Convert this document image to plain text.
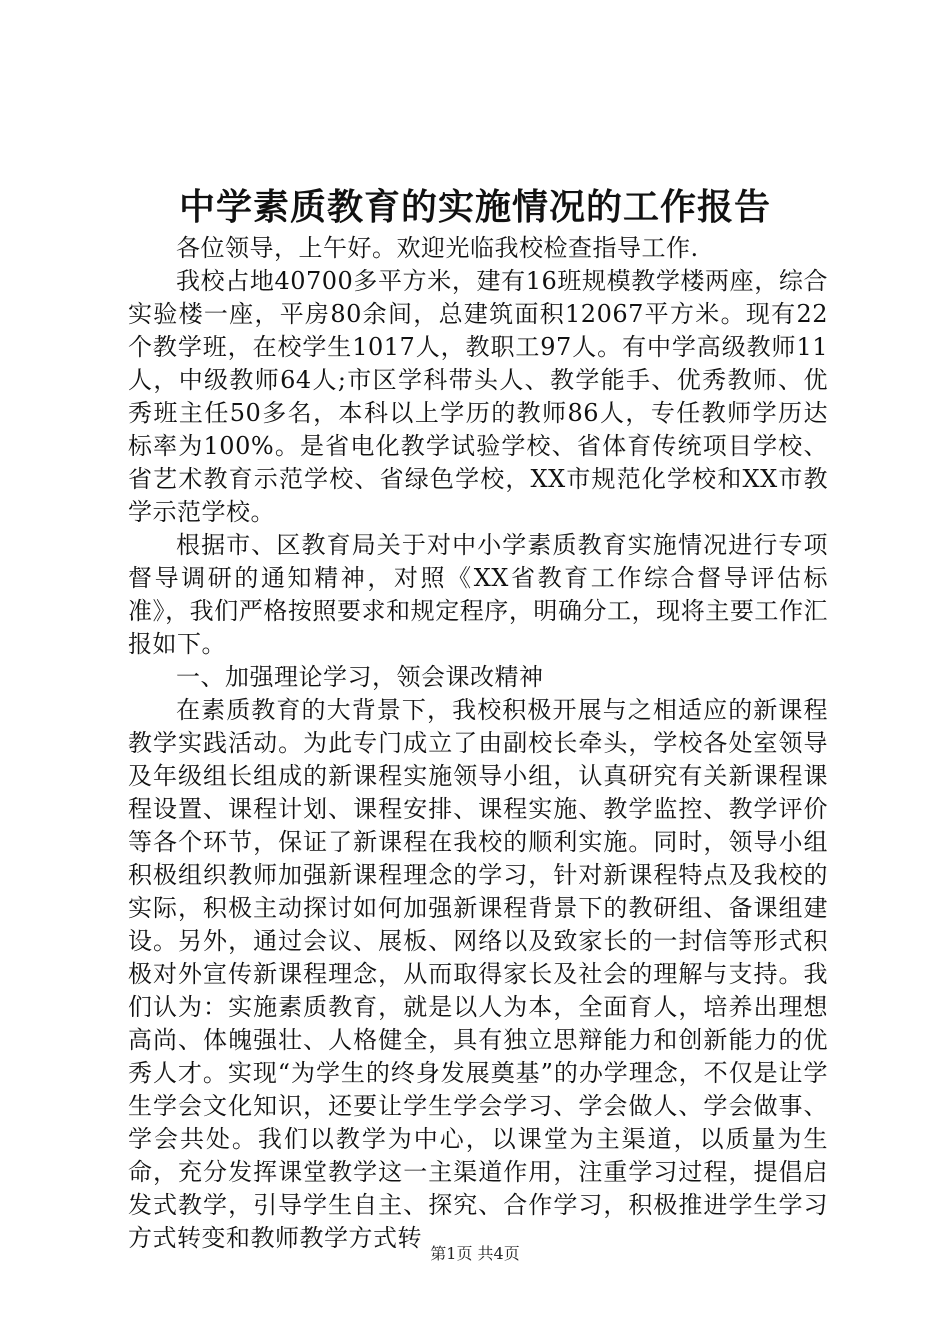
中学素质教育的实施情况的工作报告

各位领导，上午好。欢迎光临我校检查指导工作.

我校占地40700多平方米，建有16班规模教学楼两座，综合实验楼一座，平房80余间，总建筑面积12067平方米。现有22个教学班，在校学生1017人，教职工97人。有中学高级教师11人，中级教师64人;市区学科带头人、教学能手、优秀教师、优秀班主任50多名，本科以上学历的教师86人，专任教师学历达标率为100%。是省电化教学试验学校、省体育传统项目学校、省艺术教育示范学校、省绿色学校，XX市规范化学校和XX市教学示范学校。

根据市、区教育局关于对中小学素质教育实施情况进行专项督导调研的通知精神，对照《XX省教育工作综合督导评估标准》，我们严格按照要求和规定程序，明确分工，现将主要工作汇报如下。

一、加强理论学习，领会课改精神

在素质教育的大背景下，我校积极开展与之相适应的新课程教学实践活动。为此专门成立了由副校长牵头，学校各处室领导及年级组长组成的新课程实施领导小组，认真研究有关新课程课程设置、课程计划、课程安排、课程实施、教学监控、教学评价等各个环节，保证了新课程在我校的顺利实施。同时，领导小组积极组织教师加强新课程理念的学习，针对新课程特点及我校的实际，积极主动探讨如何加强新课程背景下的教研组、备课组建设。另外，通过会议、展板、网络以及致家长的一封信等形式积极对外宣传新课程理念，从而取得家长及社会的理解与支持。我们认为：实施素质教育，就是以人为本，全面育人，培养出理想高尚、体魄强壮、人格健全，具有独立思辩能力和创新能力的优秀人才。实现“为学生的终身发展奠基”的办学理念，不仅是让学生学会文化知识，还要让学生学会学习、学会做人、学会做事、学会共处。我们以教学为中心，以课堂为主渠道，以质量为生命，充分发挥课堂教学这一主渠道作用，注重学习过程，提倡启发式教学，引导学生自主、探究、合作学习，积极推进学生学习方式转变和教师教学方式转

第1页 共4页
